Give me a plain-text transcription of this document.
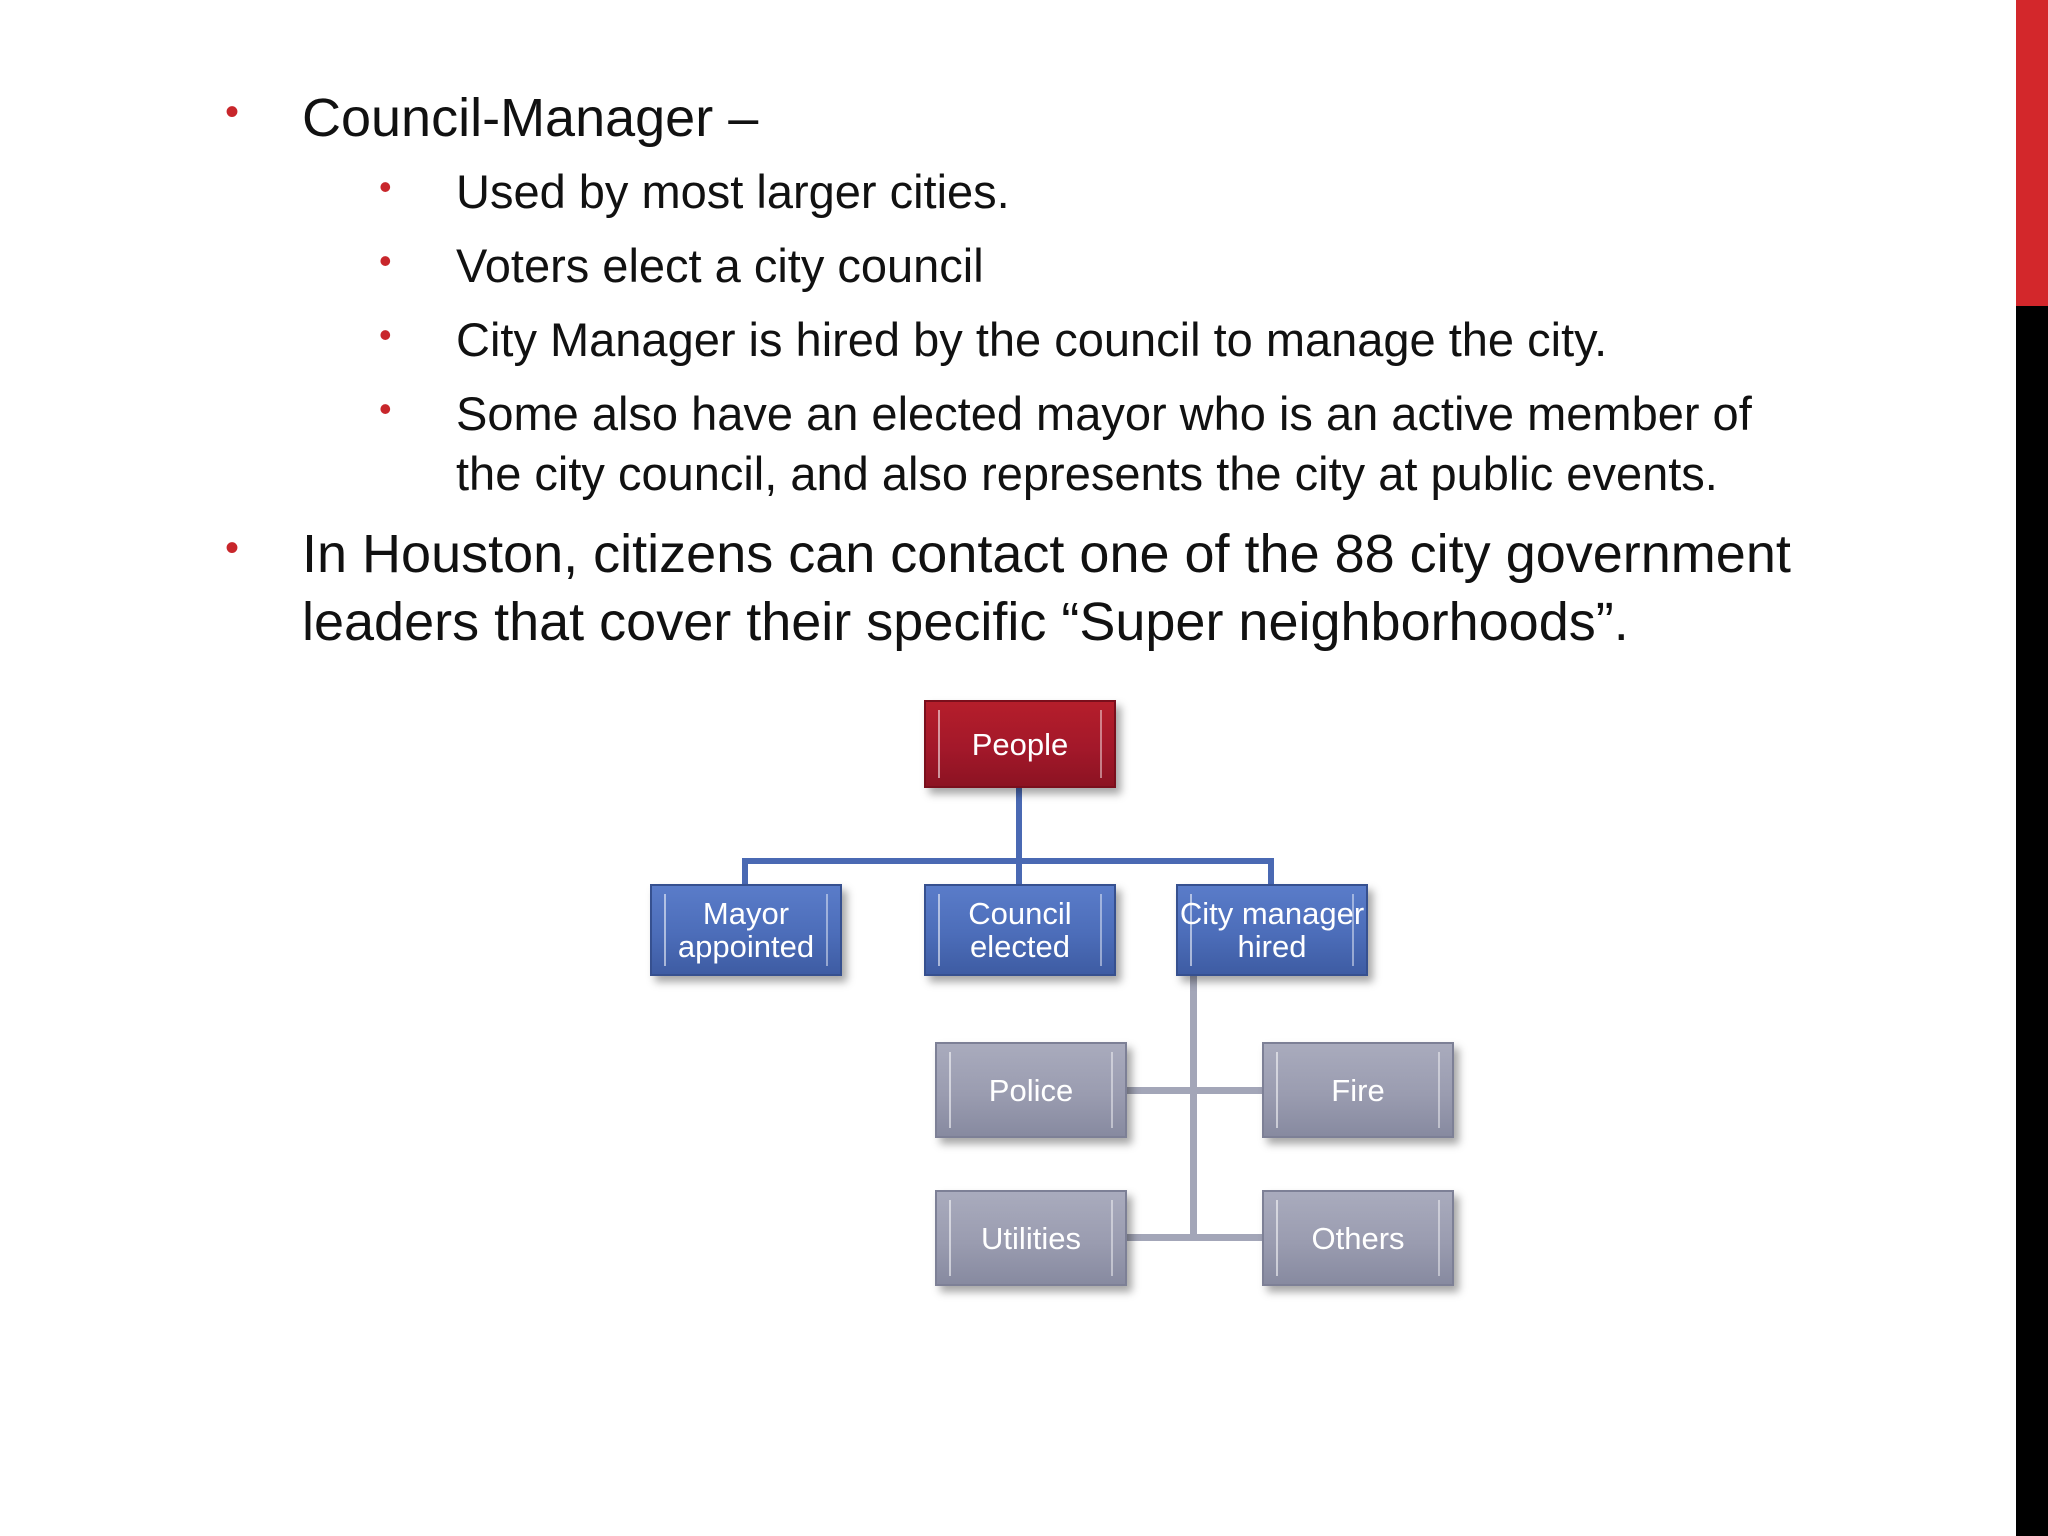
• Council-Manager –
• Used by most larger cities.
• Voters elect a city council
• City Manager is hired by the council to manage the city.
• Some also have an elected mayor who is an active member of
the city council, and also represents the city at public events.
• In Houston, citizens can contact one of the 88 city government
leaders that cover their specific “Super neighborhoods”.
People
Mayor
appointed
Council
elected
City manager
hired
Police	Fire
Utilities	Others
